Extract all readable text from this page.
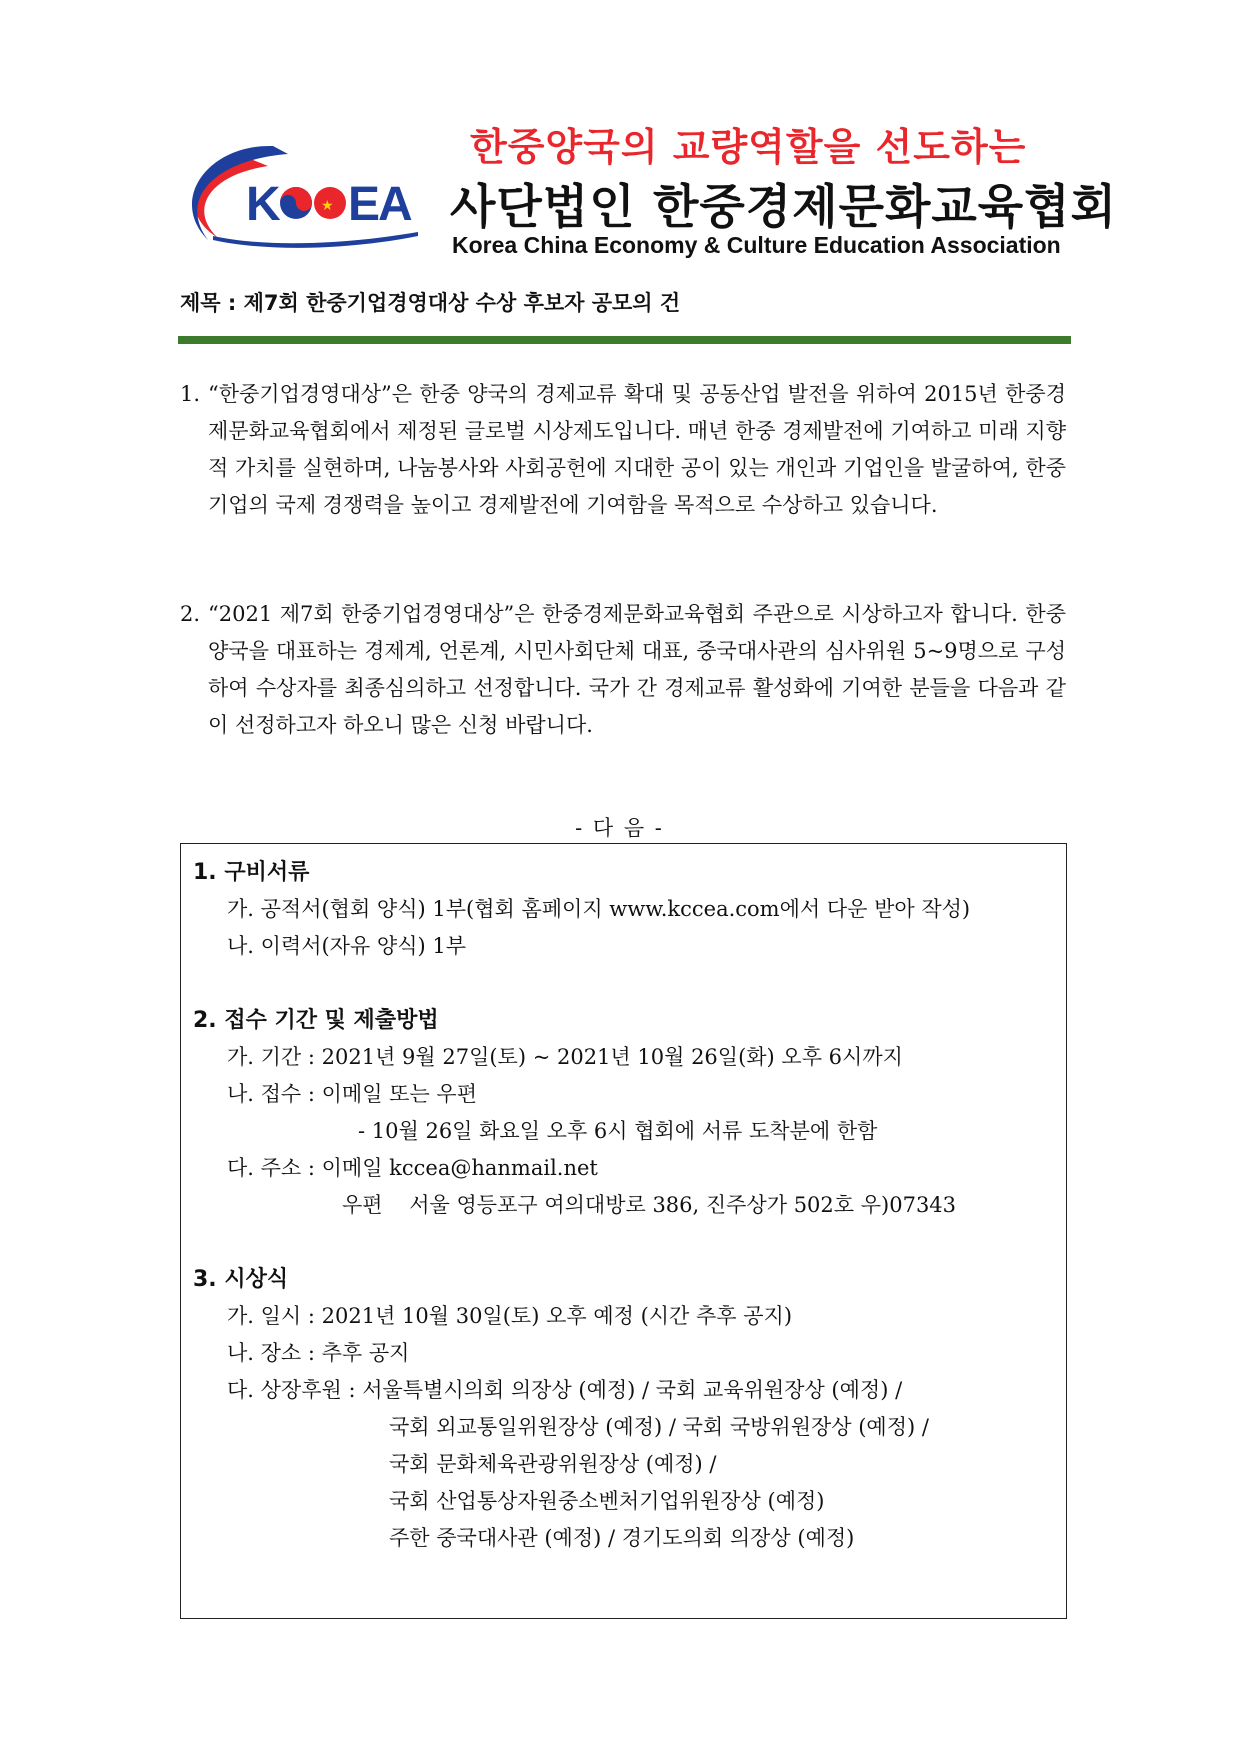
K	★ EA
한중양국의 교량역할을 선도하는
사단법인 한중경제문화교육협회
Korea China Economy & Culture Education Association
제목 : 제7회 한중기업경영대상 수상 후보자 공모의 건
1. “한중기업경영대상”은 한중 양국의 경제교류 확대 및 공동산업 발전을 위하여 2015년 한중경제문화교육협회에서 제정된 글로벌 시상제도입니다. 매년 한중 경제발전에 기여하고 미래 지향적 가치를 실현하며, 나눔봉사와 사회공헌에 지대한 공이 있는 개인과 기업인을 발굴하여, 한중 기업의 국제 경쟁력을 높이고 경제발전에 기여함을 목적으로 수상하고 있습니다.
2. “2021 제7회 한중기업경영대상”은 한중경제문화교육협회 주관으로 시상하고자 합니다. 한중 양국을 대표하는 경제계, 언론계, 시민사회단체 대표, 중국대사관의 심사위원 5~9명으로 구성하여 수상자를 최종심의하고 선정합니다. 국가 간 경제교류 활성화에 기여한 분들을 다음과 같이 선정하고자 하오니 많은 신청 바랍니다.
- 다 음 -
1. 구비서류
가. 공적서(협회 양식) 1부(협회 홈페이지 www.kccea.com에서 다운 받아 작성)
나. 이력서(자유 양식) 1부
2. 접수 기간 및 제출방법
가. 기간 : 2021년 9월 27일(토) ~ 2021년 10월 26일(화) 오후 6시까지
나. 접수 : 이메일 또는 우편
- 10월 26일 화요일 오후 6시 협회에 서류 도착분에 한함
다. 주소 : 이메일 kccea@hanmail.net
우편    서울 영등포구 여의대방로 386, 진주상가 502호 우)07343
3. 시상식
가. 일시 : 2021년 10월 30일(토) 오후 예정 (시간 추후 공지)
나. 장소 : 추후 공지
다. 상장후원 : 서울특별시의회 의장상 (예정) / 국회 교육위원장상 (예정) /
국회 외교통일위원장상 (예정) / 국회 국방위원장상 (예정) /
국회 문화체육관광위원장상 (예정) /
국회 산업통상자원중소벤처기업위원장상 (예정)
주한 중국대사관 (예정) / 경기도의회 의장상 (예정)
